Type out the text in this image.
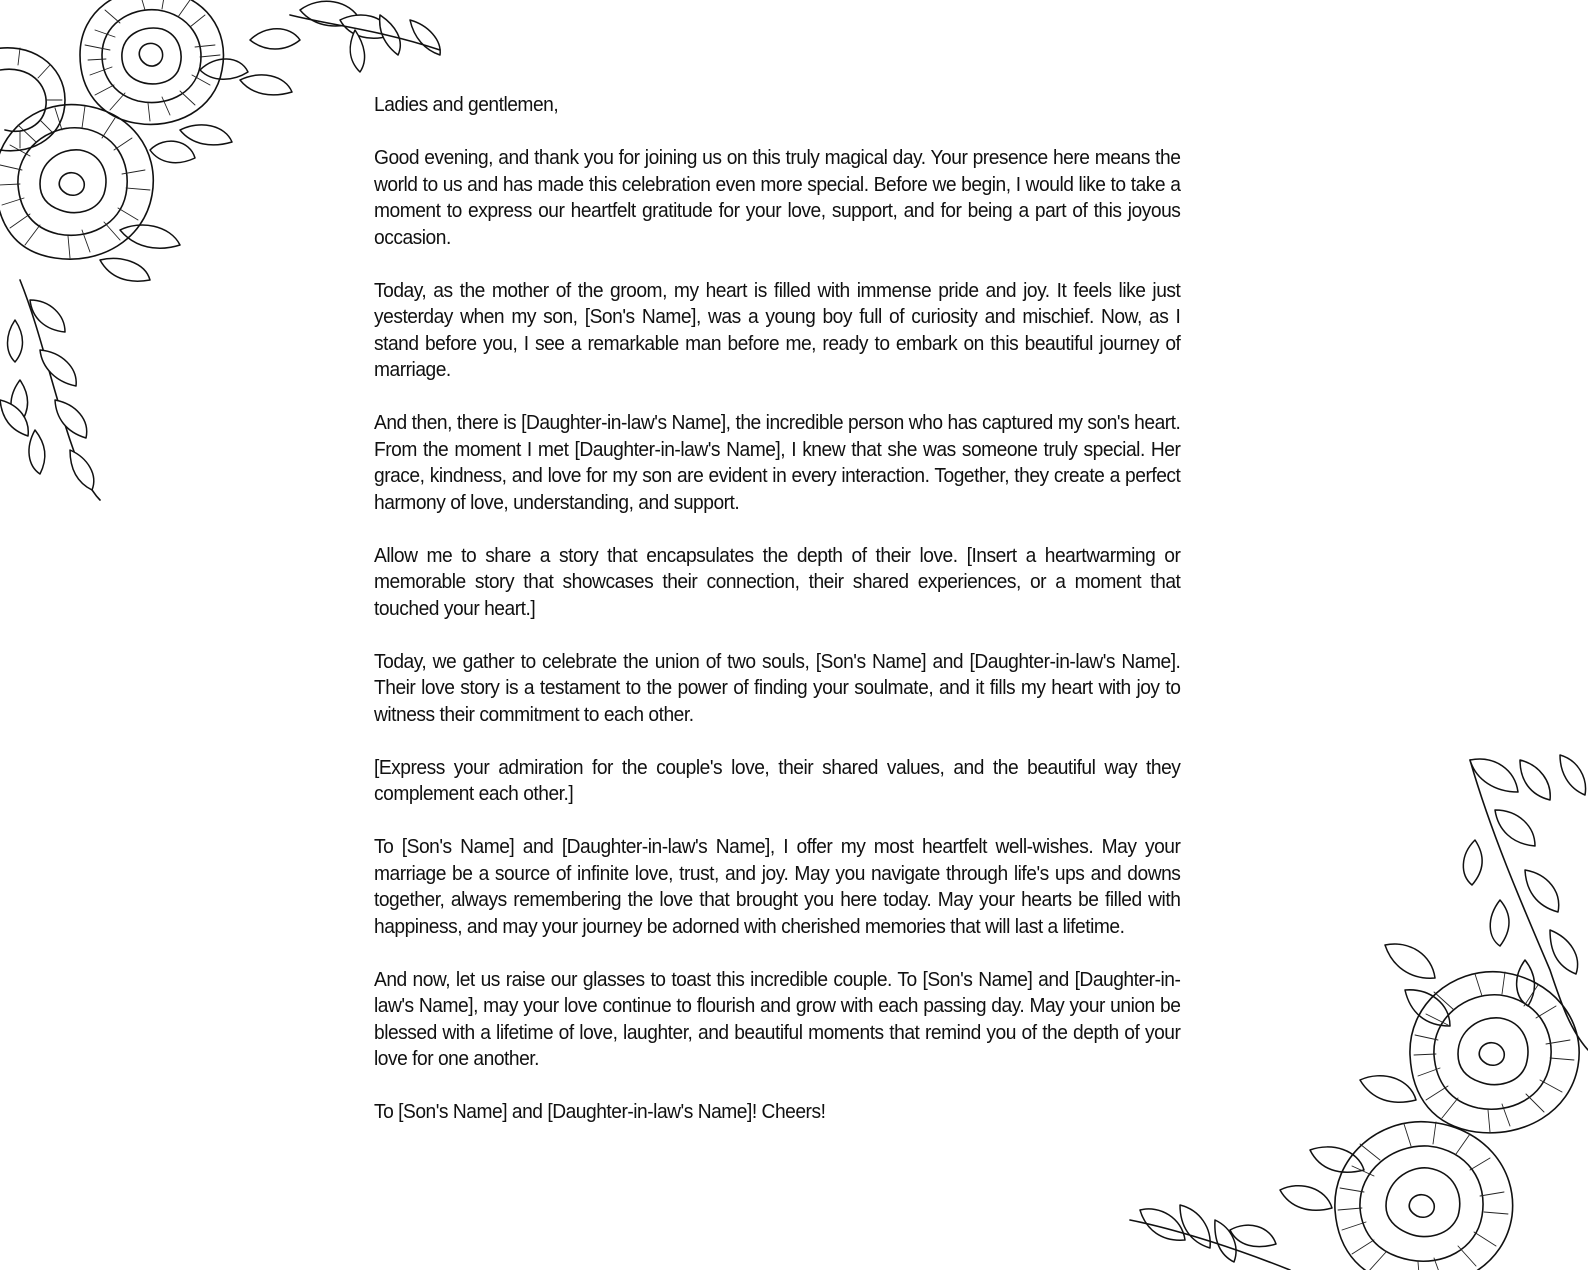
Ladies and gentlemen,

Good evening, and thank you for joining us on this truly magical day. Your presence here means the world to us and has made this celebration even more special. Before we begin, I would like to take a moment to express our heartfelt gratitude for your love, support, and for being a part of this joyous occasion.

Today, as the mother of the groom, my heart is filled with immense pride and joy. It feels like just yesterday when my son, [Son's Name], was a young boy full of curiosity and mischief. Now, as I stand before you, I see a remarkable man before me, ready to embark on this beautiful journey of marriage.

And then, there is [Daughter-in-law's Name], the incredible person who has captured my son's heart. From the moment I met [Daughter-in-law's Name], I knew that she was someone truly special. Her grace, kindness, and love for my son are evident in every interaction. Together, they create a perfect harmony of love, understanding, and support.

Allow me to share a story that encapsulates the depth of their love. [Insert a heartwarming or memorable story that showcases their connection, their shared experiences, or a moment that touched your heart.]

Today, we gather to celebrate the union of two souls, [Son's Name] and [Daughter-in-law's Name]. Their love story is a testament to the power of finding your soulmate, and it fills my heart with joy to witness their commitment to each other.

[Express your admiration for the couple's love, their shared values, and the beautiful way they complement each other.]

To [Son's Name] and [Daughter-in-law's Name], I offer my most heartfelt well-wishes. May your marriage be a source of infinite love, trust, and joy. May you navigate through life's ups and downs together, always remembering the love that brought you here today. May your hearts be filled with happiness, and may your journey be adorned with cherished memories that will last a lifetime.

And now, let us raise our glasses to toast this incredible couple. To [Son's Name] and [Daughter-in-law's Name], may your love continue to flourish and grow with each passing day. May your union be blessed with a lifetime of love, laughter, and beautiful moments that remind you of the depth of your love for one another.

To [Son's Name] and [Daughter-in-law's Name]! Cheers!
